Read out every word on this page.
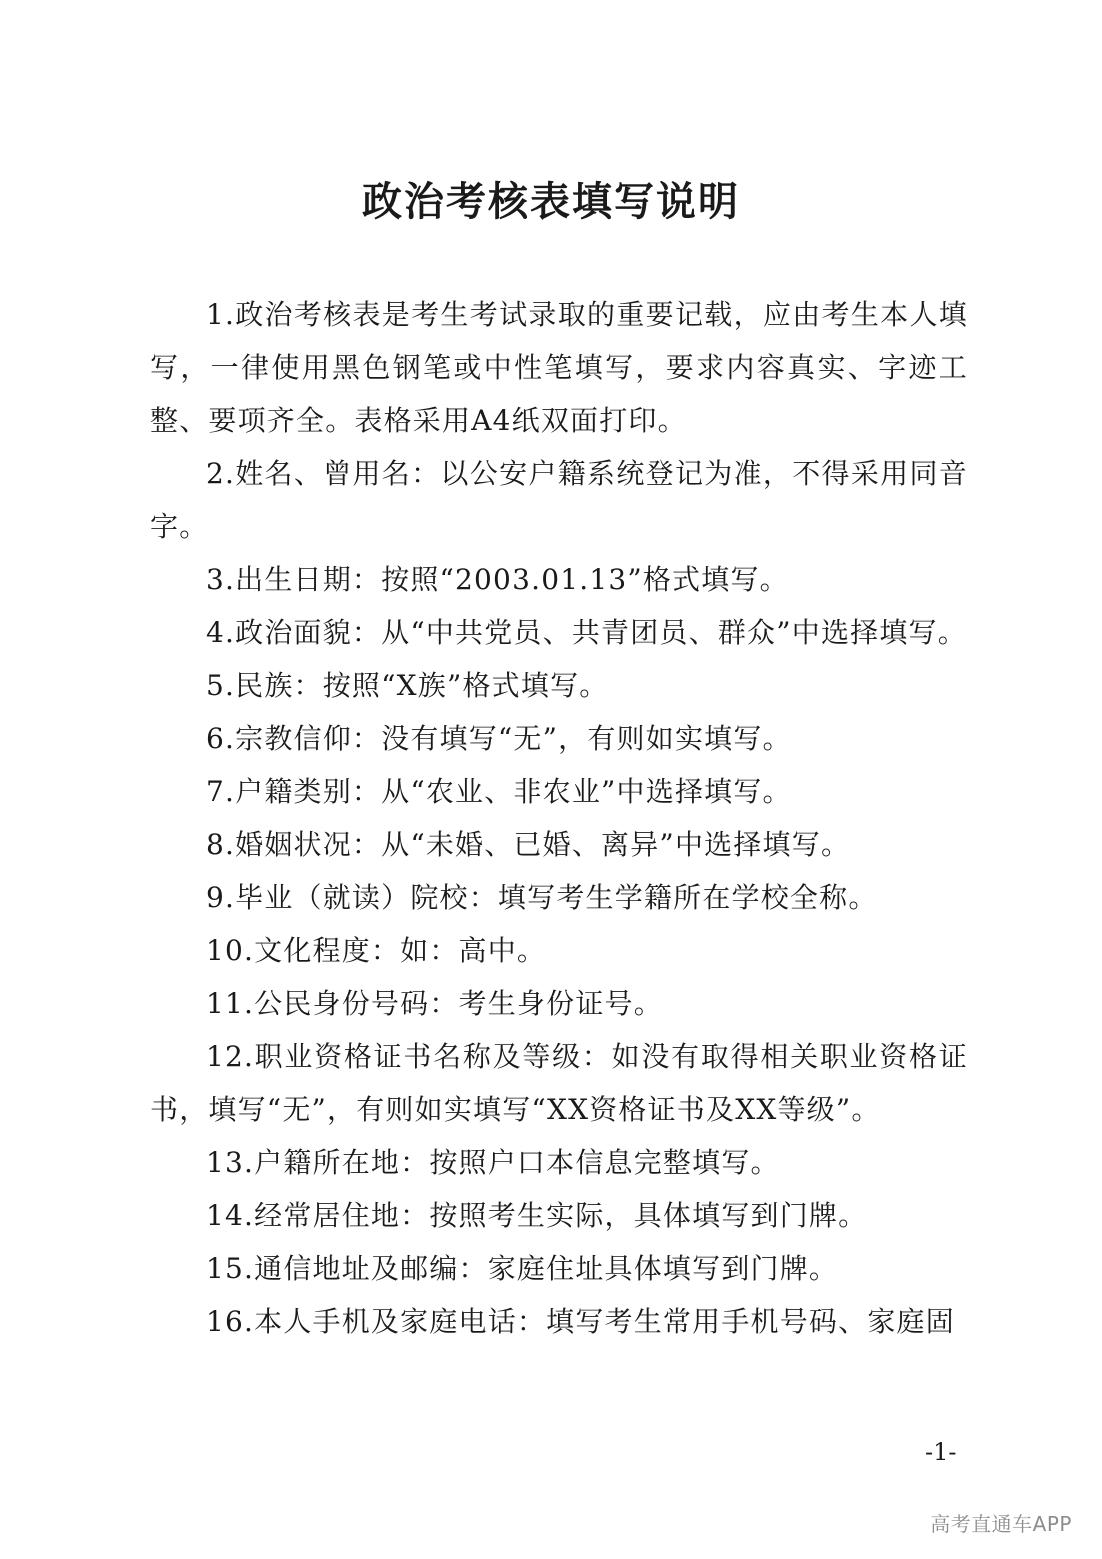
政治考核表填写说明

1.政治考核表是考生考试录取的重要记载，应由考生本人填写，一律使用黑色钢笔或中性笔填写，要求内容真实、字迹工整、要项齐全。表格采用A4纸双面打印。

2.姓名、曾用名：以公安户籍系统登记为准，不得采用同音字。

3.出生日期：按照“2003.01.13”格式填写。

4.政治面貌：从“中共党员、共青团员、群众”中选择填写。

5.民族：按照“X族”格式填写。

6.宗教信仰：没有填写“无”，有则如实填写。

7.户籍类别：从“农业、非农业”中选择填写。

8.婚姻状况：从“未婚、已婚、离异”中选择填写。

9.毕业（就读）院校：填写考生学籍所在学校全称。

10.文化程度：如：高中。

11.公民身份号码：考生身份证号。

12.职业资格证书名称及等级：如没有取得相关职业资格证书，填写“无”，有则如实填写“XX资格证书及XX等级”。

13.户籍所在地：按照户口本信息完整填写。

14.经常居住地：按照考生实际，具体填写到门牌。

15.通信地址及邮编：家庭住址具体填写到门牌。

16.本人手机及家庭电话：填写考生常用手机号码、家庭固

-1-
高考直通车APP
